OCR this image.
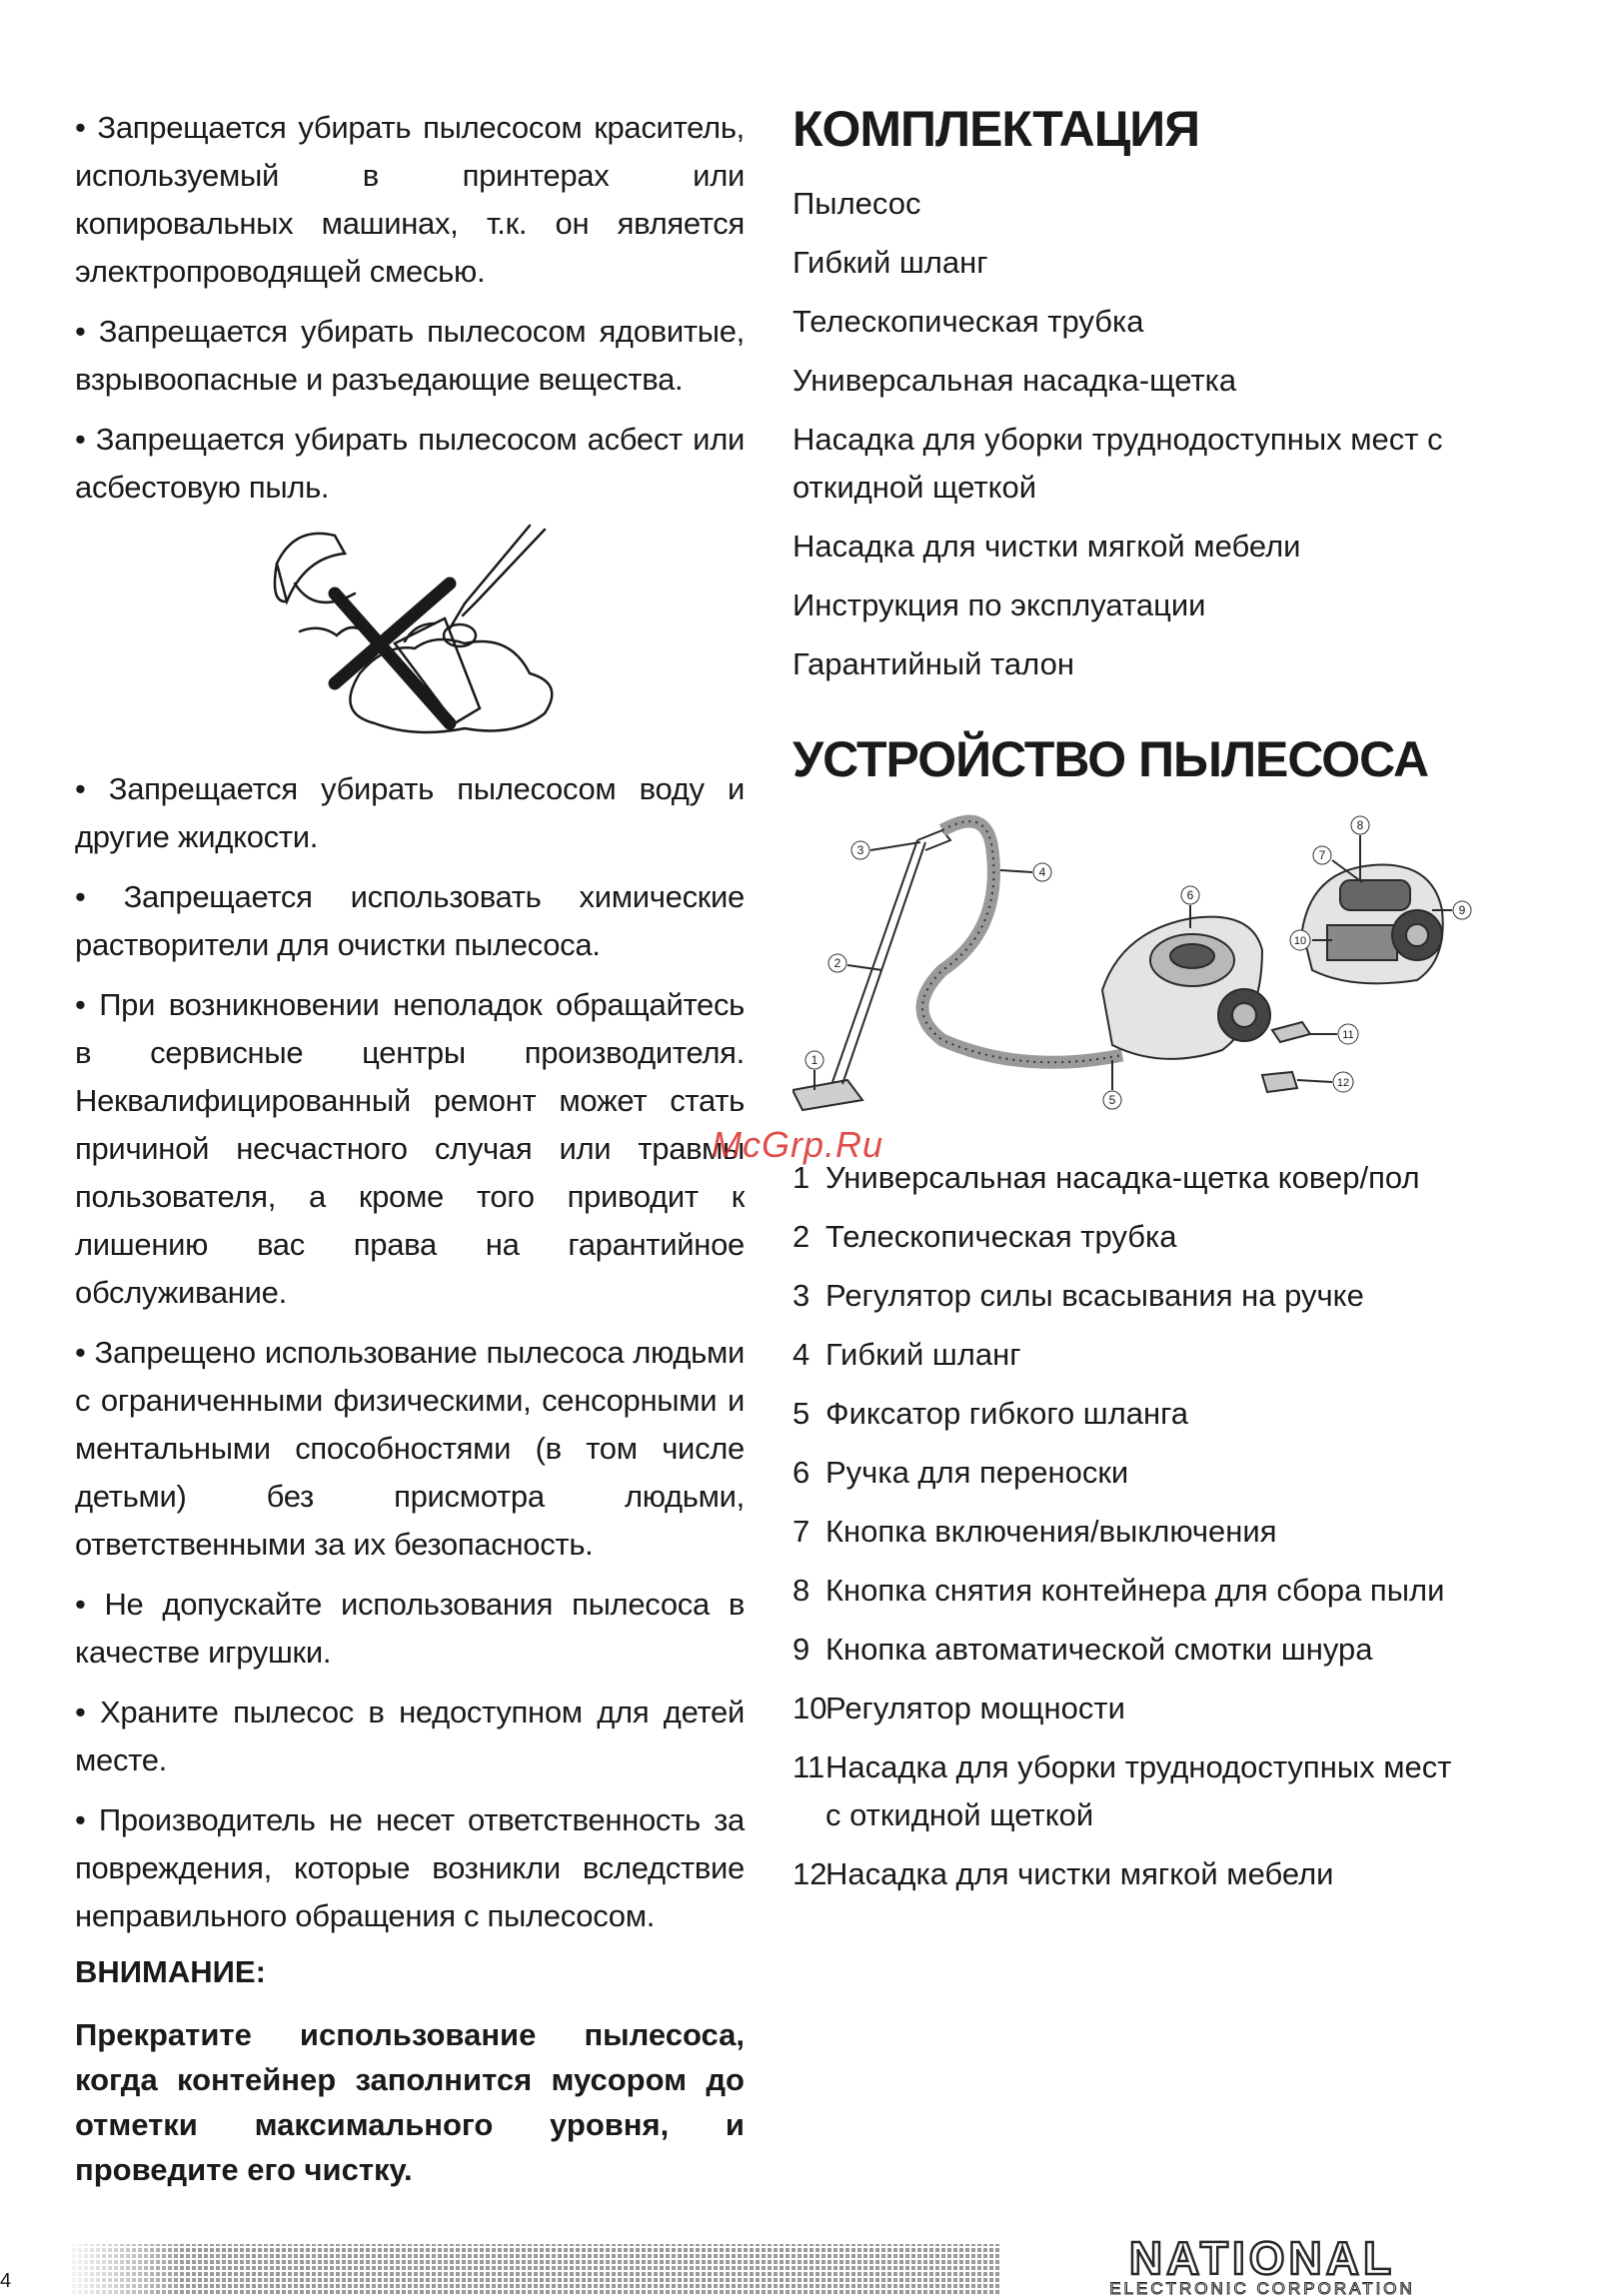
• Запрещается убирать пылесосом краситель, используемый в принтерах или копировальных машинах, т.к. он является электропроводящей смесью.

• Запрещается убирать пылесосом ядовитые, взрывоопасные и разъедающие вещества.

• Запрещается убирать пылесосом асбест или асбестовую пыль.

• Запрещается убирать пылесосом воду и другие жидкости.

• Запрещается использовать химические растворители для очистки пылесоса.

• При возникновении неполадок обращайтесь в сервисные центры производителя. Неквалифицированный ремонт может стать причиной несчастного случая или травмы пользователя, а кроме того приводит к лишению вас права на гарантийное обслуживание.

• Запрещено использование пылесоса людьми с ограниченными физическими, сенсорными и ментальными способностями (в том числе детьми) без присмотра людьми, ответственными за их безопасность.

• Не допускайте использования пылесоса в качестве игрушки.

• Храните пылесос в недоступном для детей месте.

• Производитель не несет ответственность за повреждения, которые возникли вследствие неправильного обращения с пылесосом.

ВНИМАНИЕ:

Прекратите использование пылесоса, когда контейнер заполнится мусором до отметки максимального уровня, и проведите его чистку.

КОМПЛЕКТАЦИЯ
Пылесос
Гибкий шланг
Телескопическая трубка
Универсальная насадка-щетка
Насадка для уборки труднодоступных мест с откидной щеткой
Насадка для чистки мягкой мебели
Инструкция по эксплуатации
Гарантийный талон
УСТРОЙСТВО ПЫЛЕСОСА
1
2
3
4
5
6
7
8
9
10
11
12
1 Универсальная насадка-щетка ковер/пол
2 Телескопическая трубка
3 Регулятор силы всасывания на ручке
4 Гибкий шланг
5 Фиксатор гибкого шланга
6 Ручка для переноски
7 Кнопка включения/выключения
8 Кнопка снятия контейнера для сбора пыли
9 Кнопка автоматической смотки шнура
10
Регулятор мощности
11 Насадка для уборки труднодоступных мест с откидной щеткой
12
Насадка для чистки мягкой мебели
McGrp.Ru
4	NATIONAL
ELECTRONIC CORPORATION
